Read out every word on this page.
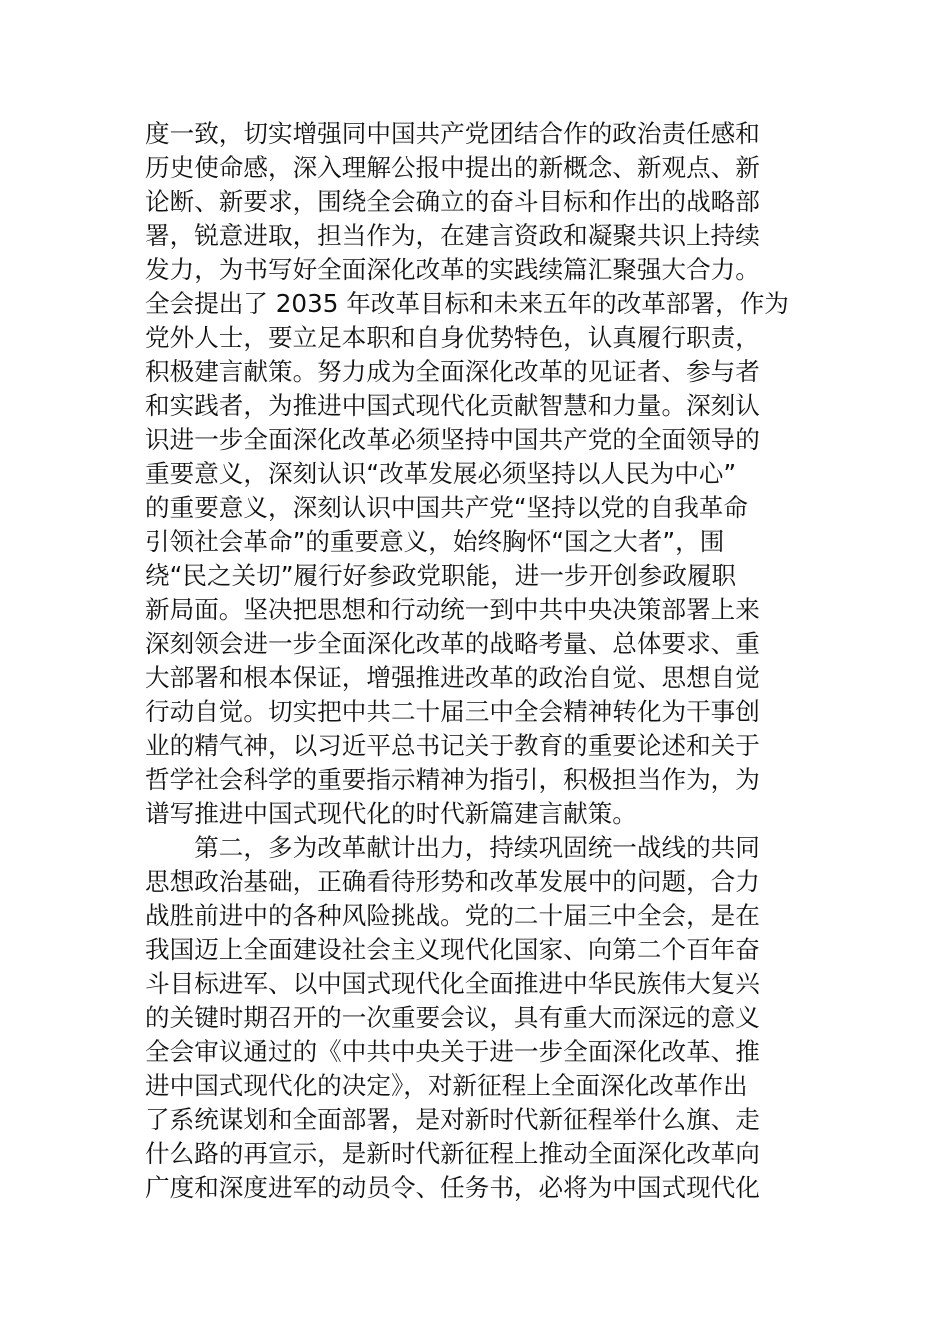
度一致，切实增强同中国共产党团结合作的政治责任感和
历史使命感，深入理解公报中提出的新概念、新观点、新
论断、新要求，围绕全会确立的奋斗目标和作出的战略部
署，锐意进取，担当作为，在建言资政和凝聚共识上持续
发力，为书写好全面深化改革的实践续篇汇聚强大合力。
全会提出了 2035 年改革目标和未来五年的改革部署，作为
党外人士，要立足本职和自身优势特色，认真履行职责，
积极建言献策。努力成为全面深化改革的见证者、参与者
和实践者，为推进中国式现代化贡献智慧和力量。深刻认
识进一步全面深化改革必须坚持中国共产党的全面领导的
重要意义，深刻认识“改革发展必须坚持以人民为中心”
的重要意义，深刻认识中国共产党“坚持以党的自我革命
引领社会革命”的重要意义，始终胸怀“国之大者”，围
绕“民之关切”履行好参政党职能，进一步开创参政履职
新局面。坚决把思想和行动统一到中共中央决策部署上来
深刻领会进一步全面深化改革的战略考量、总体要求、重
大部署和根本保证，增强推进改革的政治自觉、思想自觉
行动自觉。切实把中共二十届三中全会精神转化为干事创
业的精气神，以习近平总书记关于教育的重要论述和关于
哲学社会科学的重要指示精神为指引，积极担当作为，为
谱写推进中国式现代化的时代新篇建言献策。
　　第二，多为改革献计出力，持续巩固统一战线的共同
思想政治基础，正确看待形势和改革发展中的问题，合力
战胜前进中的各种风险挑战。党的二十届三中全会，是在
我国迈上全面建设社会主义现代化国家、向第二个百年奋
斗目标进军、以中国式现代化全面推进中华民族伟大复兴
的关键时期召开的一次重要会议，具有重大而深远的意义
全会审议通过的《中共中央关于进一步全面深化改革、推
进中国式现代化的决定》，对新征程上全面深化改革作出
了系统谋划和全面部署，是对新时代新征程举什么旗、走
什么路的再宣示，是新时代新征程上推动全面深化改革向
广度和深度进军的动员令、任务书，必将为中国式现代化
